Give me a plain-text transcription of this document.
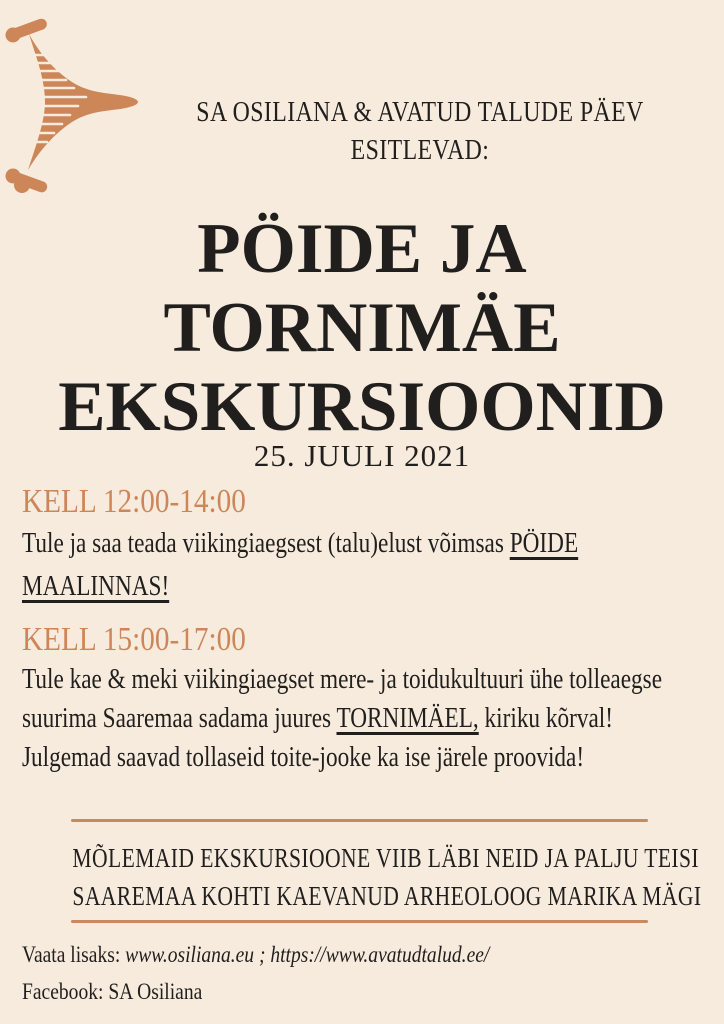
SA OSILIANA & AVATUD TALUDE PÄEV
ESITLEVAD:
PÖIDE JA
TORNIMÄE
EKSKURSIOONID
25. JUULI 2021
KELL 12:00-14:00
Tule ja saa teada viikingiaegsest (talu)elust võimsas PÖIDE
MAALINNAS!
KELL 15:00-17:00
Tule kae & meki viikingiaegset mere- ja toidukultuuri ühe tolleaegse
suurima Saaremaa sadama juures TORNIMÄEL, kiriku kõrval!
Julgemad saavad tollaseid toite-jooke ka ise järele proovida!
MÕLEMAID EKSKURSIOONE VIIB LÄBI NEID JA PALJU TEISI
SAAREMAA KOHTI KAEVANUD ARHEOLOOG MARIKA MÄGI
Vaata lisaks: www.osiliana.eu ; https://www.avatudtalud.ee/
Facebook: SA Osiliana
